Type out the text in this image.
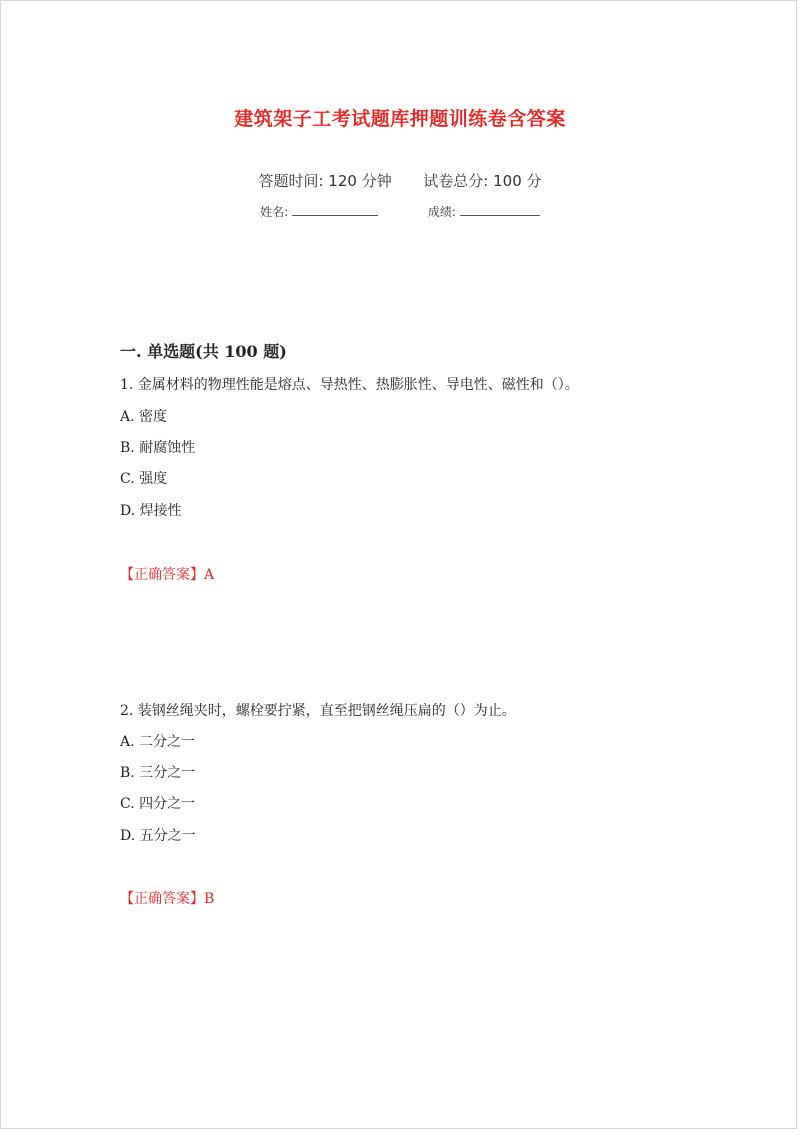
建筑架子工考试题库押题训练卷含答案
答题时间: 120 分钟 试卷总分: 100 分
姓名:	成绩:
一. 单选题(共 100 题)
1. 金属材料的物理性能是熔点、导热性、热膨胀性、导电性、磁性和（）。
A. 密度
B. 耐腐蚀性
C. 强度
D. 焊接性
【正确答案】A
2. 装钢丝绳夹时，螺栓要拧紧，直至把钢丝绳压扁的（）为止。
A. 二分之一
B. 三分之一
C. 四分之一
D. 五分之一
【正确答案】B
